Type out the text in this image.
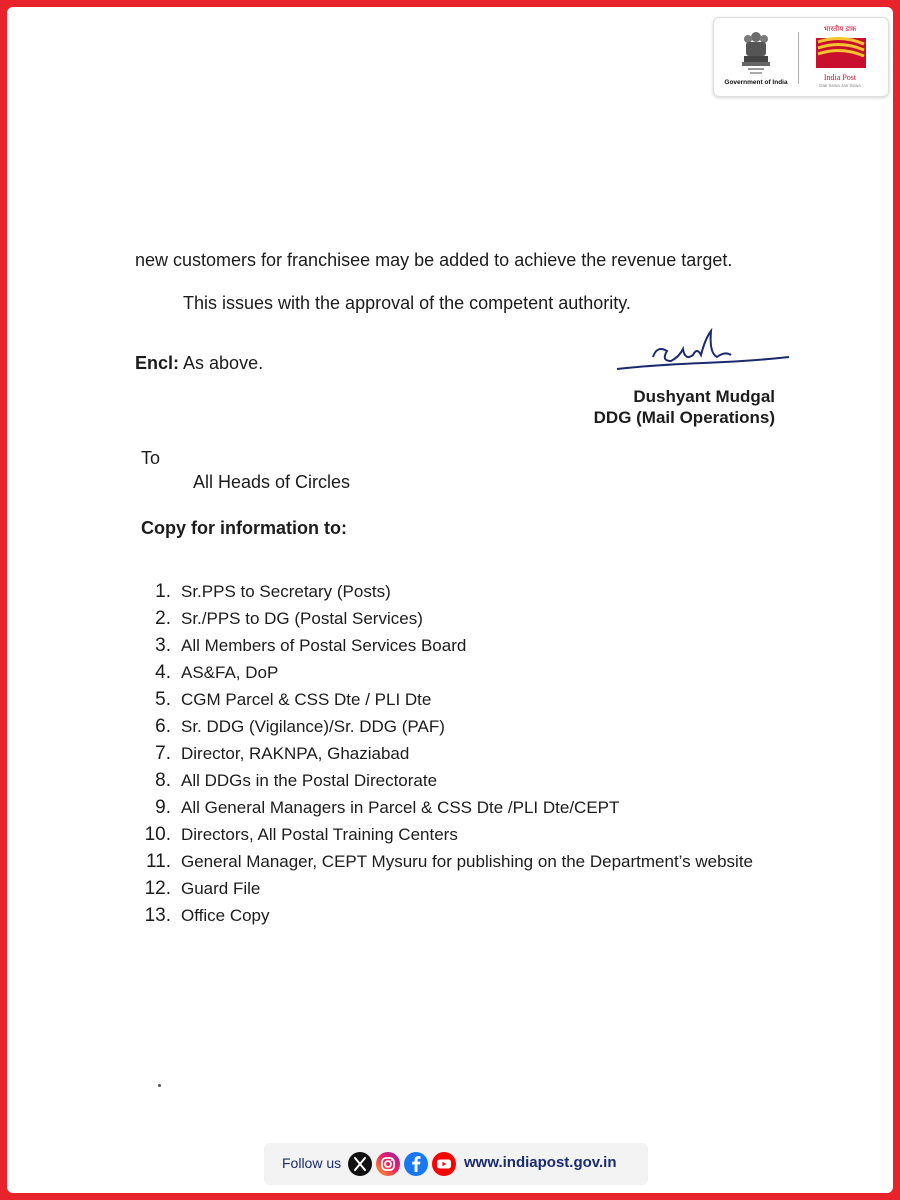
Government of India
भारतीय डाक
India Post
Dak Sewa Jan Sewa
new customers for franchisee may be added to achieve the revenue target.
This issues with the approval of the competent authority.
Encl: As above.
Dushyant Mudgal
DDG (Mail Operations)
To
All Heads of Circles
Copy for information to:
1. Sr.PPS to Secretary (Posts)
2. Sr./PPS to DG (Postal Services)
3. All Members of Postal Services Board
4. AS&FA, DoP
5. CGM Parcel & CSS Dte / PLI Dte
6. Sr. DDG (Vigilance)/Sr. DDG (PAF)
7. Director, RAKNPA, Ghaziabad
8. All DDGs in the Postal Directorate
9. All General Managers in Parcel & CSS Dte /PLI Dte/CEPT
10. Directors, All Postal Training Centers
11. General Manager, CEPT Mysuru for publishing on the Department’s website
12. Guard File
13. Office Copy
Follow us	www.indiapost.gov.in
